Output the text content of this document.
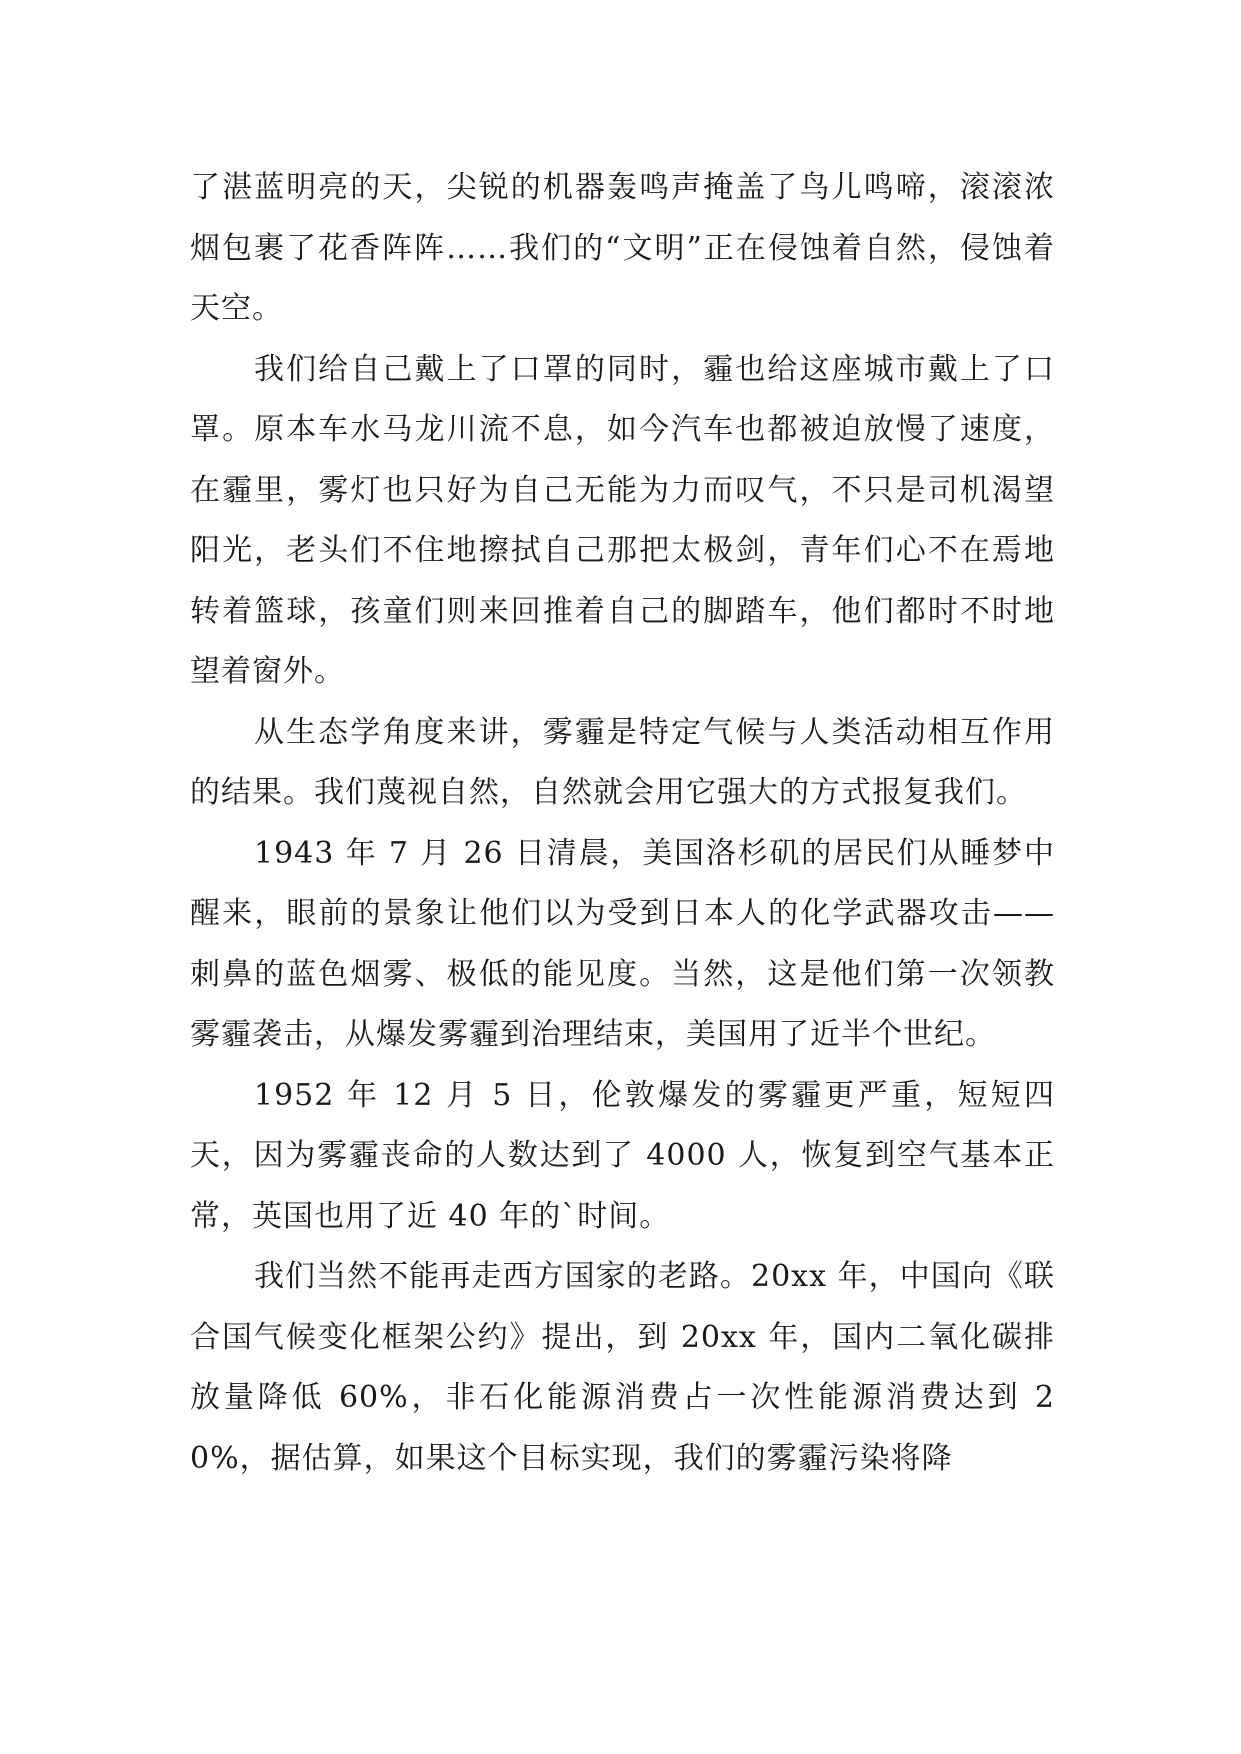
了湛蓝明亮的天，尖锐的机器轰鸣声掩盖了鸟儿鸣啼，滚滚浓烟包裹了花香阵阵……我们的“文明”正在侵蚀着自然，侵蚀着天空。

我们给自己戴上了口罩的同时，霾也给这座城市戴上了口罩。原本车水马龙川流不息，如今汽车也都被迫放慢了速度，在霾里，雾灯也只好为自己无能为力而叹气，不只是司机渴望阳光，老头们不住地擦拭自己那把太极剑，青年们心不在焉地转着篮球，孩童们则来回推着自己的脚踏车，他们都时不时地望着窗外。

从生态学角度来讲，雾霾是特定气候与人类活动相互作用的结果。我们蔑视自然，自然就会用它强大的方式报复我们。

1943 年 7 月 26 日清晨，美国洛杉矶的居民们从睡梦中醒来，眼前的景象让他们以为受到日本人的化学武器攻击——刺鼻的蓝色烟雾、极低的能见度。当然，这是他们第一次领教雾霾袭击，从爆发雾霾到治理结束，美国用了近半个世纪。

1952 年 12 月 5 日，伦敦爆发的雾霾更严重，短短四天，因为雾霾丧命的人数达到了 4000 人，恢复到空气基本正常，英国也用了近 40 年的`时间。

我们当然不能再走西方国家的老路。20xx 年，中国向《联合国气候变化框架公约》提出，到 20xx 年，国内二氧化碳排放量降低 60%，非石化能源消费占一次性能源消费达到 20%，据估算，如果这个目标实现，我们的雾霾污染将降
